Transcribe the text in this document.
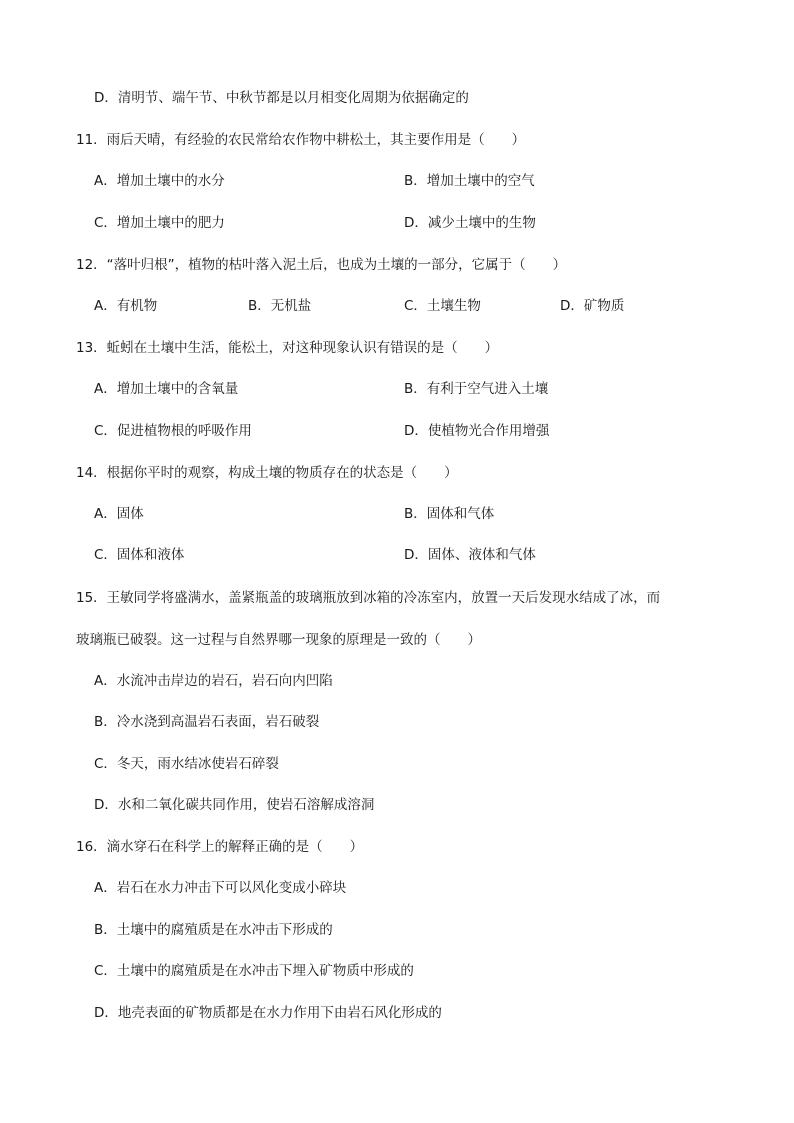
D．清明节、端午节、中秋节都是以月相变化周期为依据确定的
11．雨后天晴，有经验的农民常给农作物中耕松土，其主要作用是（　　）
A．增加土壤中的水分	B．增加土壤中的空气
C．增加土壤中的肥力	D．减少土壤中的生物
12．“落叶归根”，植物的枯叶落入泥土后，也成为土壤的一部分，它属于（　　）
A．有机物	B．无机盐	C．土壤生物	D．矿物质
13．蚯蚓在土壤中生活，能松土，对这种现象认识有错误的是（　　）
A．增加土壤中的含氧量	B．有利于空气进入土壤
C．促进植物根的呼吸作用	D．使植物光合作用增强
14．根据你平时的观察，构成土壤的物质存在的状态是（　　）
A．固体	B．固体和气体
C．固体和液体	D．固体、液体和气体
15．王敏同学将盛满水，盖紧瓶盖的玻璃瓶放到冰箱的冷冻室内，放置一天后发现水结成了冰，而
玻璃瓶已破裂。这一过程与自然界哪一现象的原理是一致的（　　）
A．水流冲击岸边的岩石，岩石向内凹陷
B．冷水浇到高温岩石表面，岩石破裂
C．冬天，雨水结冰使岩石碎裂
D．水和二氧化碳共同作用，使岩石溶解成溶洞
16．滴水穿石在科学上的解释正确的是（　　）
A．岩石在水力冲击下可以风化变成小碎块
B．土壤中的腐殖质是在水冲击下形成的
C．土壤中的腐殖质是在水冲击下埋入矿物质中形成的
D．地壳表面的矿物质都是在水力作用下由岩石风化形成的
